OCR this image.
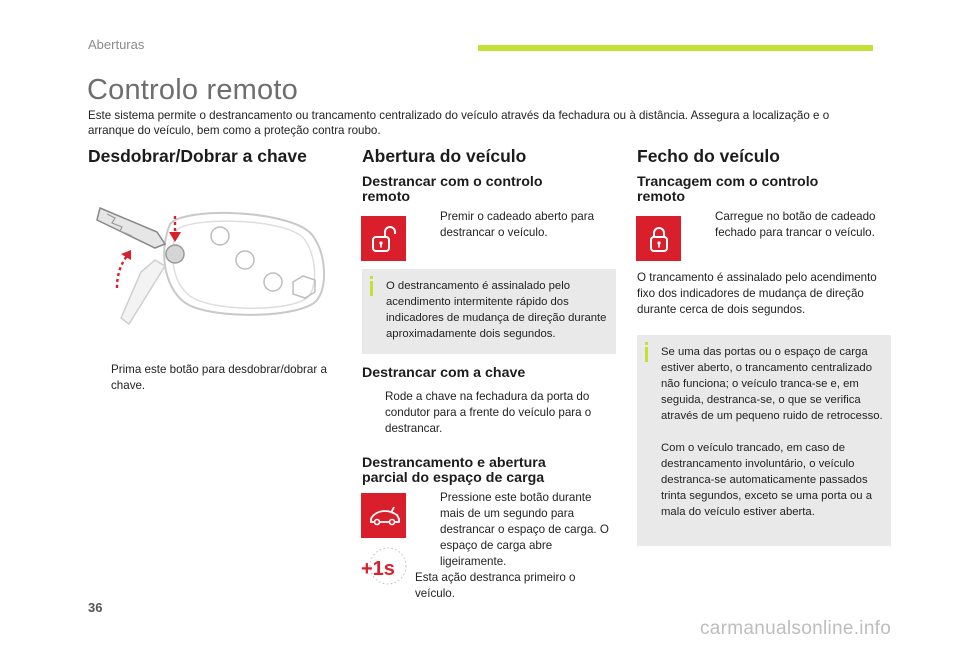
Aberturas
Controlo remoto

Este sistema permite o destrancamento ou trancamento centralizado do veículo através da fechadura ou à distância. Assegura a localização e o arranque do veículo, bem como a proteção contra roubo.

Desdobrar/Dobrar a chave
Prima este botão para desdobrar/dobrar a chave.
Abertura do veículo
Destrancar com o controlo remoto
Premir o cadeado aberto para destrancar o veículo.
O destrancamento é assinalado pelo acendimento intermitente rápido dos indicadores de mudança de direção durante aproximadamente dois segundos.
Destrancar com a chave
Rode a chave na fechadura da porta do condutor para a frente do veículo para o destrancar.
Destrancamento e abertura parcial do espaço de carga
+1s
Pressione este botão durante mais de um segundo para destrancar o espaço de carga. O espaço de carga abre ligeiramente.
Esta ação destranca primeiro o veículo.
Fecho do veículo
Trancagem com o controlo remoto
Carregue no botão de cadeado fechado para trancar o veículo.
O trancamento é assinalado pelo acendimento fixo dos indicadores de mudança de direção durante cerca de dois segundos.
Se uma das portas ou o espaço de carga estiver aberto, o trancamento centralizado não funciona; o veículo tranca-se e, em seguida, destranca-se, o que se verifica através de um pequeno ruido de retrocesso.
Com o veículo trancado, em caso de destrancamento involuntário, o veículo destranca-se automaticamente passados trinta segundos, exceto se uma porta ou a mala do veículo estiver aberta.
36
carmanualsonline.info
